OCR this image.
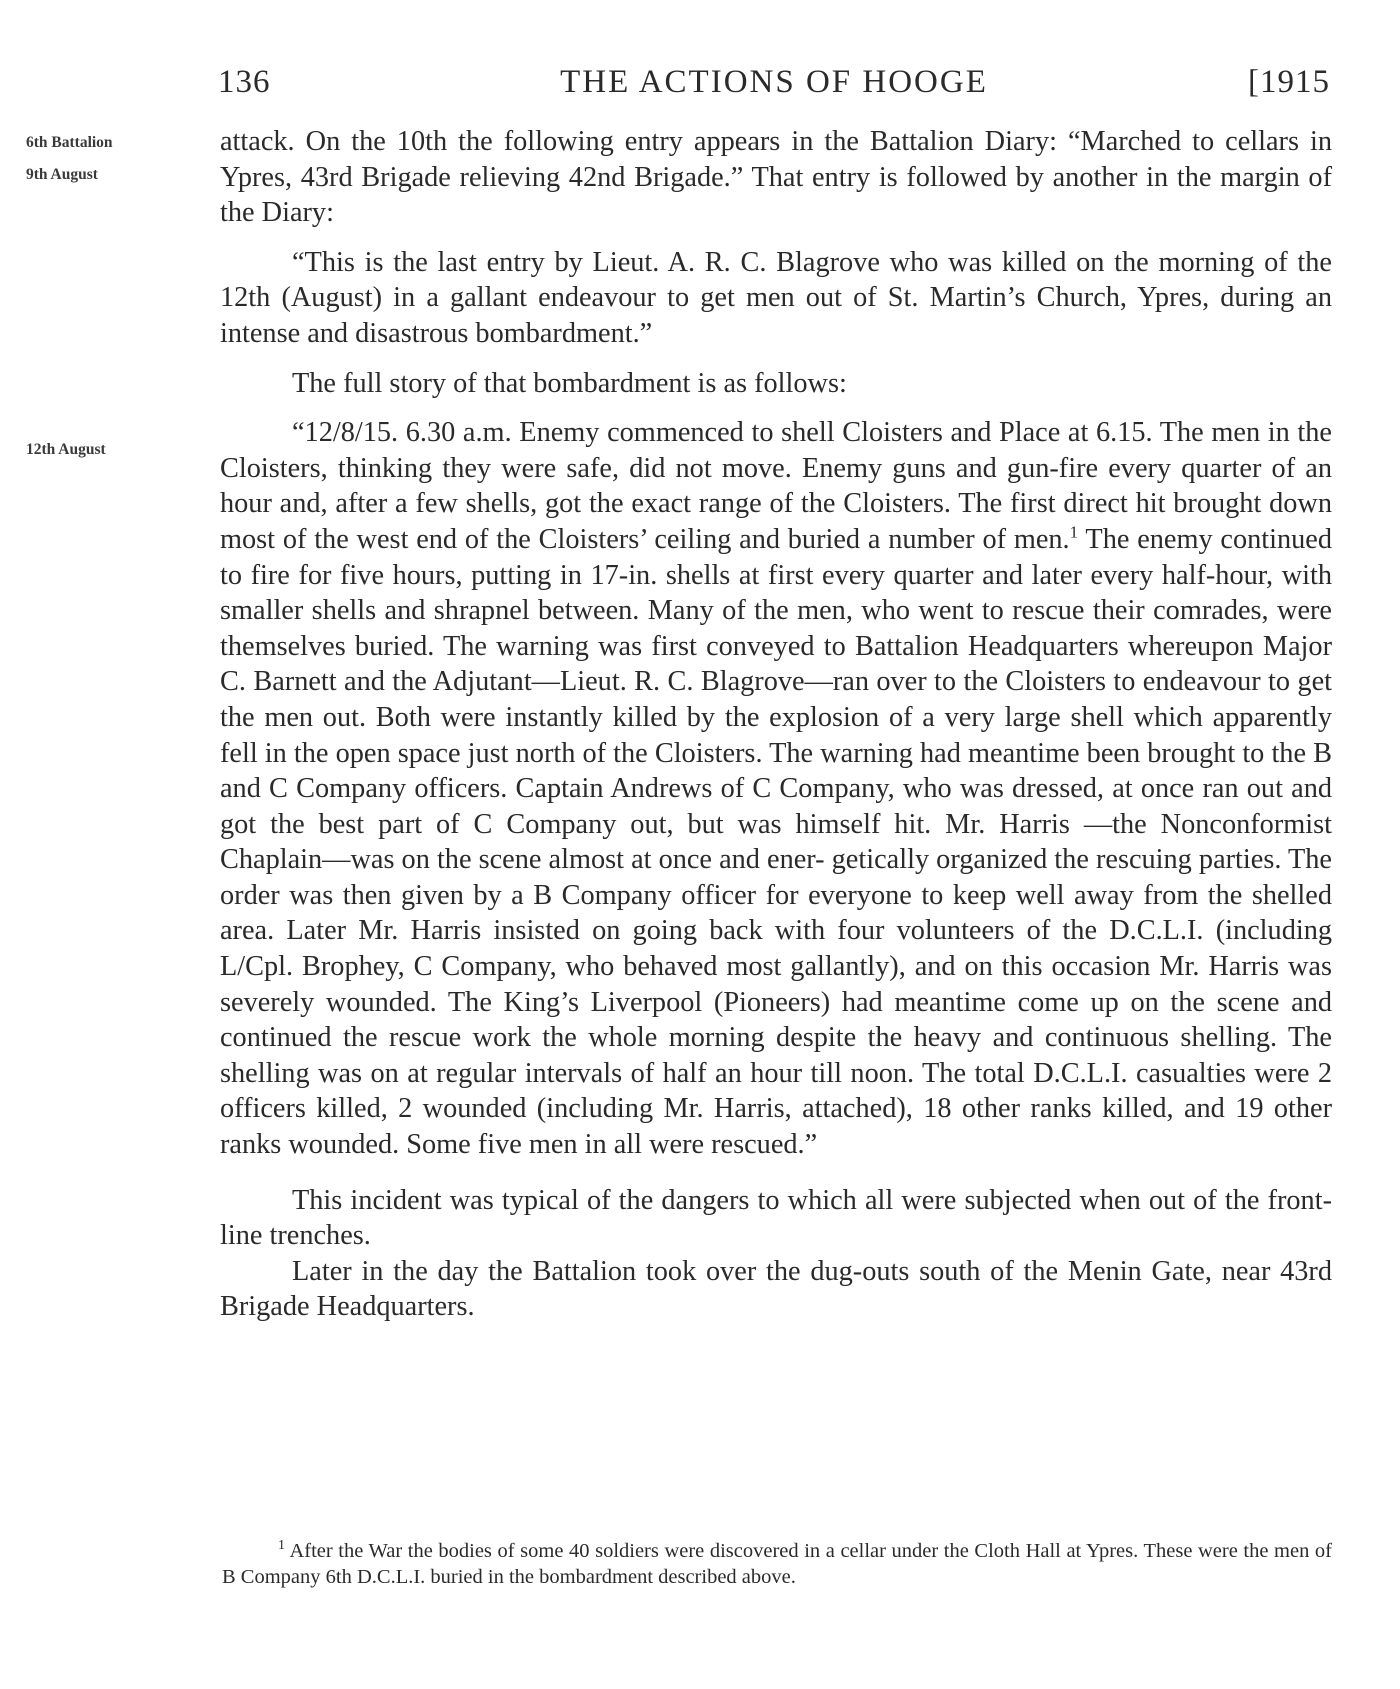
136	THE ACTIONS OF HOOGE	[1915
6th Battalion
9th August
12th August

attack. On the 10th the following entry appears in the Battalion Diary: “Marched to cellars in Ypres, 43rd Brigade relieving 42nd Brigade.” That entry is followed by another in the margin of the Diary:

“This is the last entry by Lieut. A. R. C. Blagrove who was killed on the morning of the 12th (August) in a gallant endeavour to get men out of St. Martin’s Church, Ypres, during an intense and disastrous bombardment.”

The full story of that bombardment is as follows:

“12/8/15. 6.30 a.m. Enemy commenced to shell Cloisters and Place at 6.15. The men in the Cloisters, thinking they were safe, did not move. Enemy guns and gun-fire every quarter of an hour and, after a few shells, got the exact range of the Cloisters. The first direct hit brought down most of the west end of the Cloisters’ ceiling and buried a number of men.$^1$ The enemy continued to fire for five hours, putting in 17-in. shells at first every quarter and later every half-hour, with smaller shells and shrapnel between. Many of the men, who went to rescue their comrades, were themselves buried. The warning was first conveyed to Battalion Headquarters whereupon Major C. Barnett and the Adjutant—Lieut. R. C. Blagrove—ran over to the Cloisters to endeavour to get the men out. Both were instantly killed by the explosion of a very large shell which apparently fell in the open space just north of the Cloisters. The warning had meantime been brought to the B and C Company officers. Captain Andrews of C Company, who was dressed, at once ran out and got the best part of C Company out, but was himself hit. Mr. Harris —the Nonconformist Chaplain—was on the scene almost at once and ener- getically organized the rescuing parties. The order was then given by a B Company officer for everyone to keep well away from the shelled area. Later Mr. Harris insisted on going back with four volunteers of the D.C.L.I. (including L/Cpl. Brophey, C Company, who behaved most gallantly), and on this occasion Mr. Harris was severely wounded. The King’s Liverpool (Pioneers) had meantime come up on the scene and continued the rescue work the whole morning despite the heavy and continuous shelling. The shelling was on at regular intervals of half an hour till noon. The total D.C.L.I. casualties were 2 officers killed, 2 wounded (including Mr. Harris, attached), 18 other ranks killed, and 19 other ranks wounded. Some five men in all were rescued.”

This incident was typical of the dangers to which all were subjected when out of the front-line trenches.

Later in the day the Battalion took over the dug-outs south of the Menin Gate, near 43rd Brigade Headquarters.

$^1$ After the War the bodies of some 40 soldiers were discovered in a cellar under the Cloth Hall at Ypres. These were the men of B Company 6th D.C.L.I. buried in the bombardment described above.
